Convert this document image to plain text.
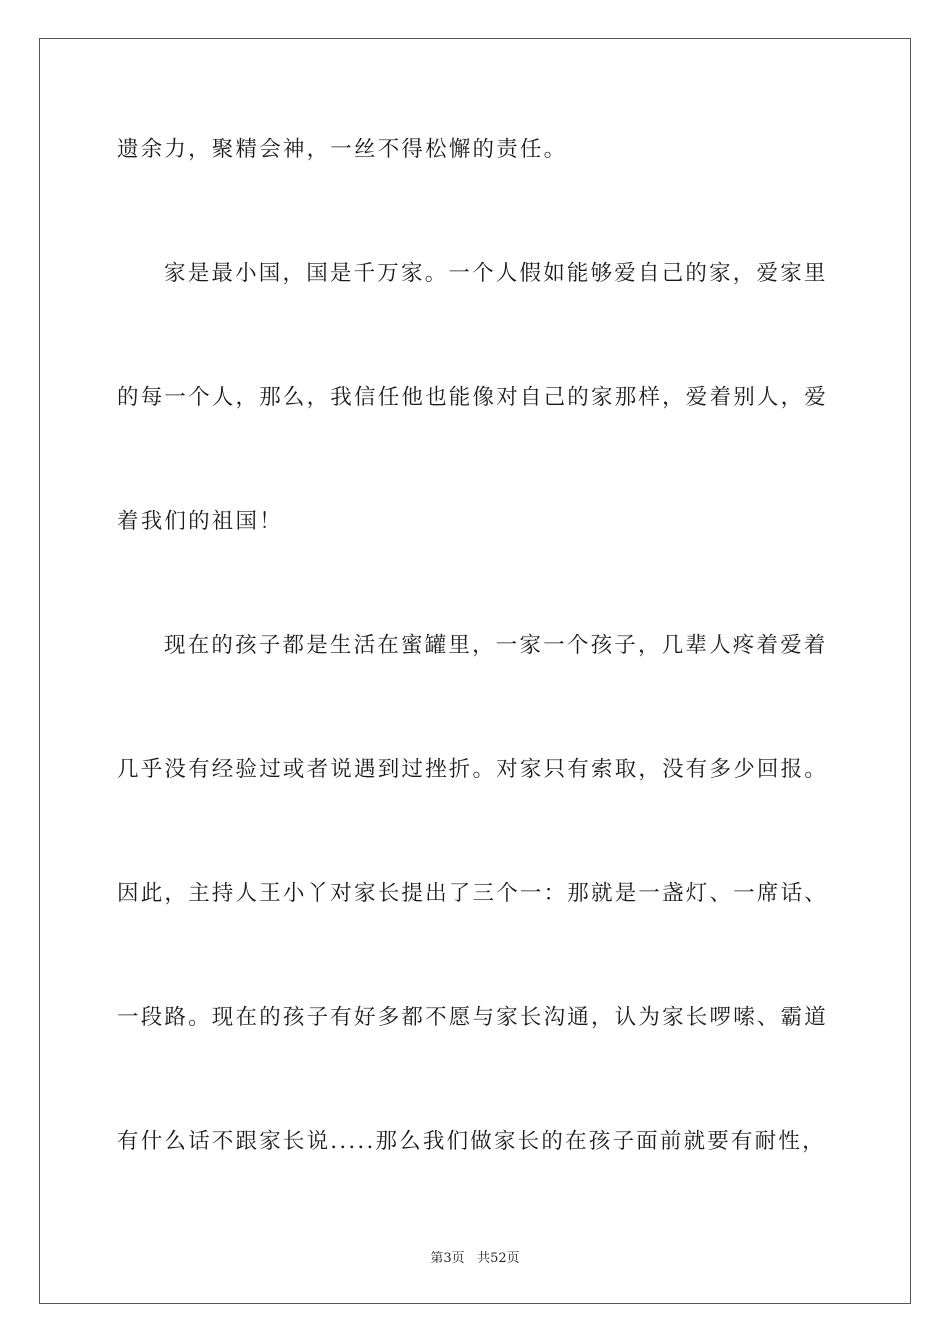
遗余力，聚精会神，一丝不得松懈的责任。
家是最小国，国是千万家。一个人假如能够爱自己的家，爱家里
的每一个人，那么，我信任他也能像对自己的家那样，爱着别人，爱
着我们的祖国！
现在的孩子都是生活在蜜罐里，一家一个孩子，几辈人疼着爱着
几乎没有经验过或者说遇到过挫折。对家只有索取，没有多少回报。
因此，主持人王小丫对家长提出了三个一：那就是一盏灯、一席话、
一段路。现在的孩子有好多都不愿与家长沟通，认为家长啰嗦、霸道
有什么话不跟家长说.....那么我们做家长的在孩子面前就要有耐性，
第3页 共52页
